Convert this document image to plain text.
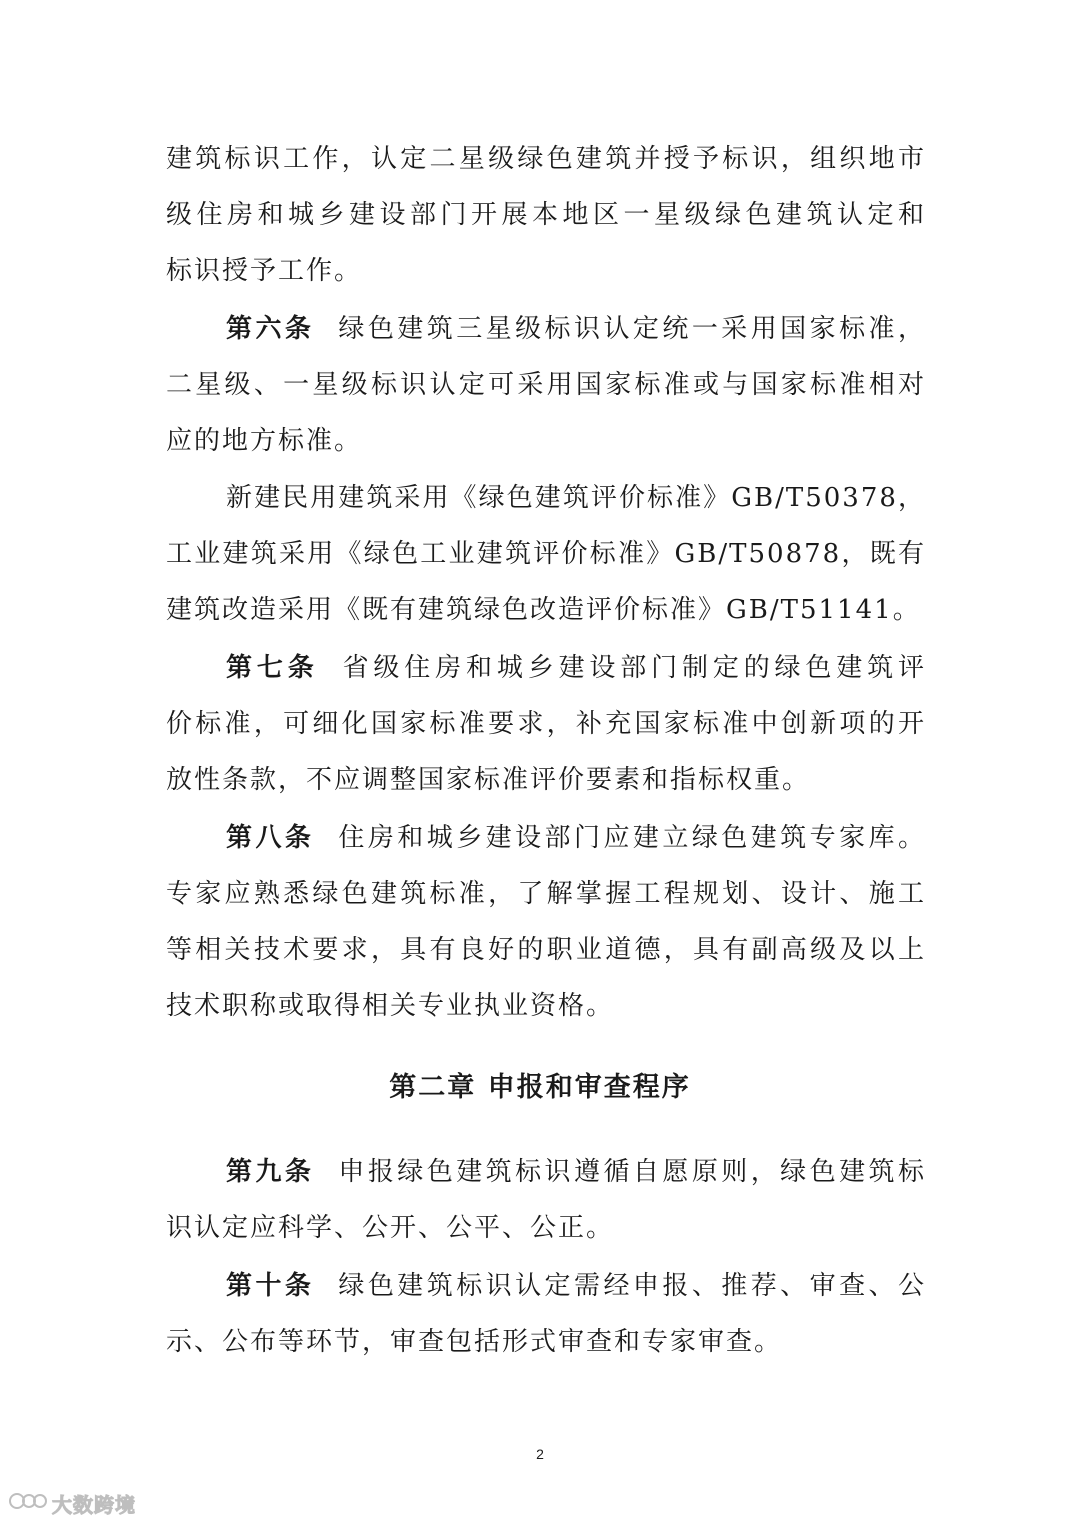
建筑标识工作，认定二星级绿色建筑并授予标识，组织地市
级住房和城乡建设部门开展本地区一星级绿色建筑认定和
标识授予工作。
第六条 绿色建筑三星级标识认定统一采用国家标准，
二星级、一星级标识认定可采用国家标准或与国家标准相对
应的地方标准。
新建民用建筑采用《绿色建筑评价标准》GB/T50378，
工业建筑采用《绿色工业建筑评价标准》GB/T50878，既有
建筑改造采用《既有建筑绿色改造评价标准》GB/T51141。
第七条 省级住房和城乡建设部门制定的绿色建筑评
价标准，可细化国家标准要求，补充国家标准中创新项的开
放性条款，不应调整国家标准评价要素和指标权重。
第八条 住房和城乡建设部门应建立绿色建筑专家库。
专家应熟悉绿色建筑标准，了解掌握工程规划、设计、施工
等相关技术要求，具有良好的职业道德，具有副高级及以上
技术职称或取得相关专业执业资格。
第二章 申报和审查程序
第九条 申报绿色建筑标识遵循自愿原则，绿色建筑标
识认定应科学、公开、公平、公正。
第十条 绿色建筑标识认定需经申报、推荐、审查、公
示、公布等环节，审查包括形式审查和专家审查。
2
大数跨境
